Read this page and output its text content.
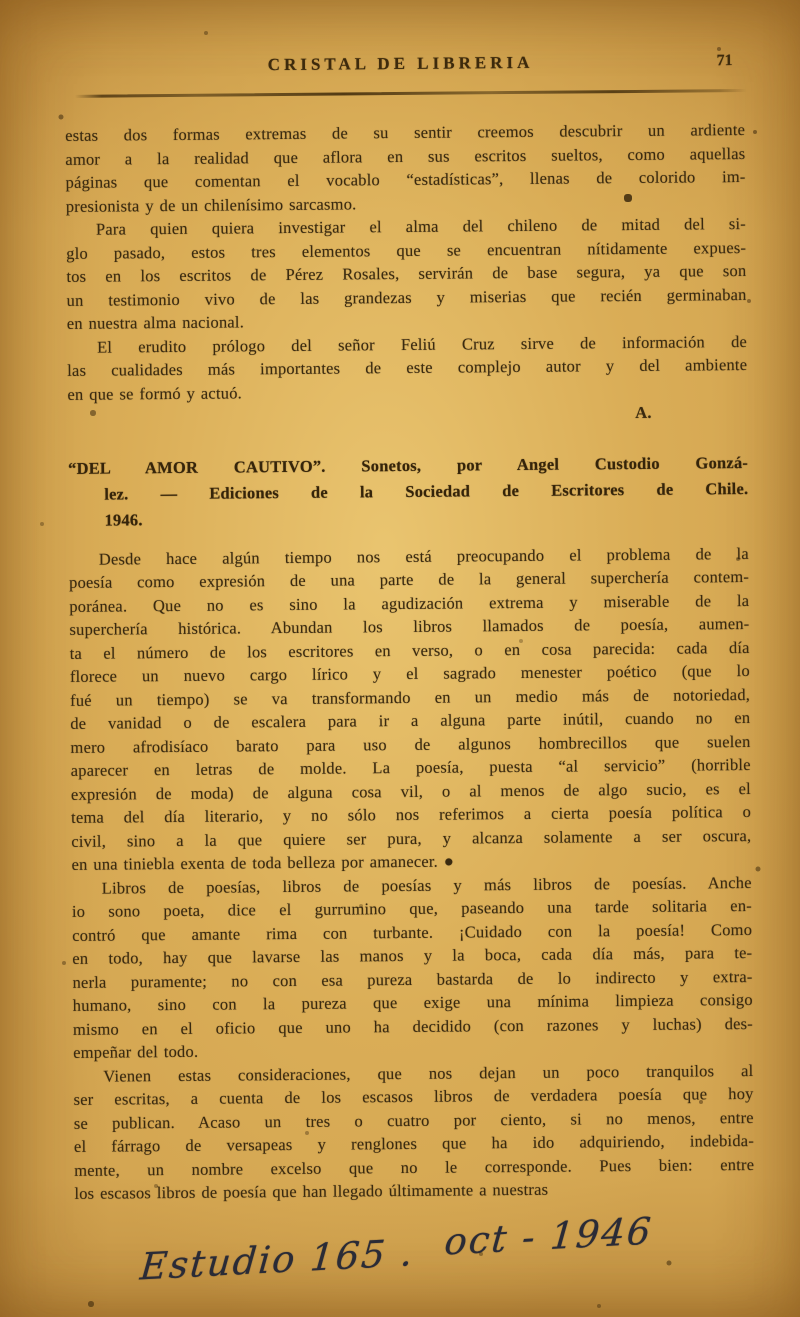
CRISTAL DE LIBRERIA	71
estas dos formas extremas de su sentir creemos descubrir un ardiente
amor a la realidad que aflora en sus escritos sueltos, como aquellas
páginas que comentan el vocablo “estadísticas”, llenas de colorido im-
presionista y de un chilenísimo sarcasmo.
Para quien quiera investigar el alma del chileno de mitad del si-
glo pasado, estos tres elementos que se encuentran nítidamente expues-
tos en los escritos de Pérez Rosales, servirán de base segura, ya que son
un testimonio vivo de las grandezas y miserias que recién germinaban
en nuestra alma nacional.
El erudito prólogo del señor Feliú Cruz sirve de información de
las cualidades más importantes de este complejo autor y del ambiente
en que se formó y actuó.
A.
“DEL AMOR CAUTIVO”. Sonetos, por Angel Custodio Gonzá-
lez. — Ediciones de la Sociedad de Escritores de Chile.
1946.
Desde hace algún tiempo nos está preocupando el problema de la
poesía como expresión de una parte de la general superchería contem-
poránea. Que no es sino la agudización extrema y miserable de la
superchería histórica. Abundan los libros llamados de poesía, aumen-
ta el número de los escritores en verso, o en cosa parecida: cada día
florece un nuevo cargo lírico y el sagrado menester poético (que lo
fué un tiempo) se va transformando en un medio más de notoriedad,
de vanidad o de escalera para ir a alguna parte inútil, cuando no en
mero afrodisíaco barato para uso de algunos hombrecillos que suelen
aparecer en letras de molde. La poesía, puesta “al servicio” (horrible
expresión de moda) de alguna cosa vil, o al menos de algo sucio, es el
tema del día literario, y no sólo nos referimos a cierta poesía política o
civil, sino a la que quiere ser pura, y alcanza solamente a ser oscura,
en una tiniebla exenta de toda belleza por amanecer. ●
Libros de poesías, libros de poesías y más libros de poesías. Anche
io sono poeta, dice el gurrumino que, paseando una tarde solitaria en-
contró que amante rima con turbante. ¡Cuidado con la poesía! Como
en todo, hay que lavarse las manos y la boca, cada día más, para te-
nerla puramente; no con esa pureza bastarda de lo indirecto y extra-
humano, sino con la pureza que exige una mínima limpieza consigo
mismo en el oficio que uno ha decidido (con razones y luchas) des-
empeñar del todo.
Vienen estas consideraciones, que nos dejan un poco tranquilos al
ser escritas, a cuenta de los escasos libros de verdadera poesía que hoy
se publican. Acaso un tres o cuatro por ciento, si no menos, entre
el fárrago de versapeas y renglones que ha ido adquiriendo, indebida-
mente, un nombre excelso que no le corresponde. Pues bien: entre
los escasos libros de poesía que han llegado últimamente a nuestras
Estudio 165 . oct - 1946
